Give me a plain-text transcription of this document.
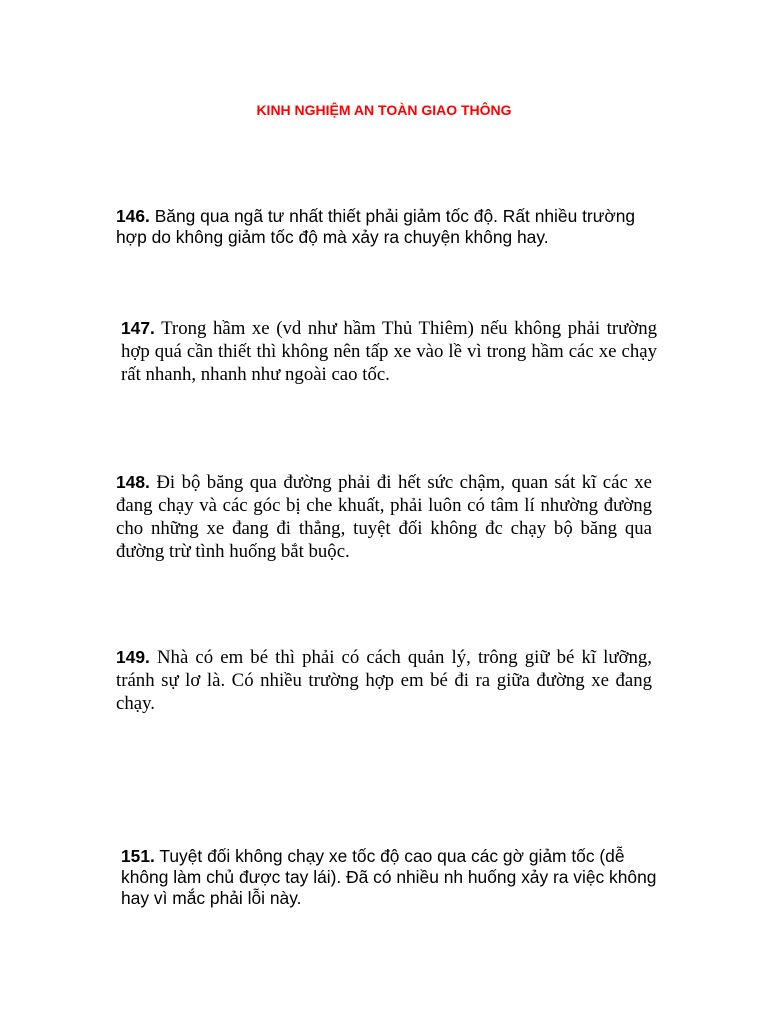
KINH NGHIỆM AN TOÀN GIAO THÔNG

146. Băng qua ngã tư nhất thiết phải giảm tốc độ. Rất nhiều trường hợp do không giảm tốc độ mà xảy ra chuyện không hay.

147. Trong hầm xe (vd như hầm Thủ Thiêm) nếu không phải trường hợp quá cần thiết thì không nên tấp xe vào lề vì trong hầm các xe chạy rất nhanh, nhanh như ngoài cao tốc.

148. Đi bộ băng qua đường phải đi hết sức chậm, quan sát kĩ các xe đang chạy và các góc bị che khuất, phải luôn có tâm lí nhường đường cho những xe đang đi thẳng, tuyệt đối không đc chạy bộ băng qua đường trừ tình huống bắt buộc.

149. Nhà có em bé thì phải có cách quản lý, trông giữ bé kĩ lưỡng, tránh sự lơ là. Có nhiều trường hợp em bé đi ra giữa đường xe đang chạy.

151. Tuyệt đối không chạy xe tốc độ cao qua các gờ giảm tốc (dễ không làm chủ được tay lái). Đã có nhiều nh huống xảy ra việc không hay vì mắc phải lỗi này.
